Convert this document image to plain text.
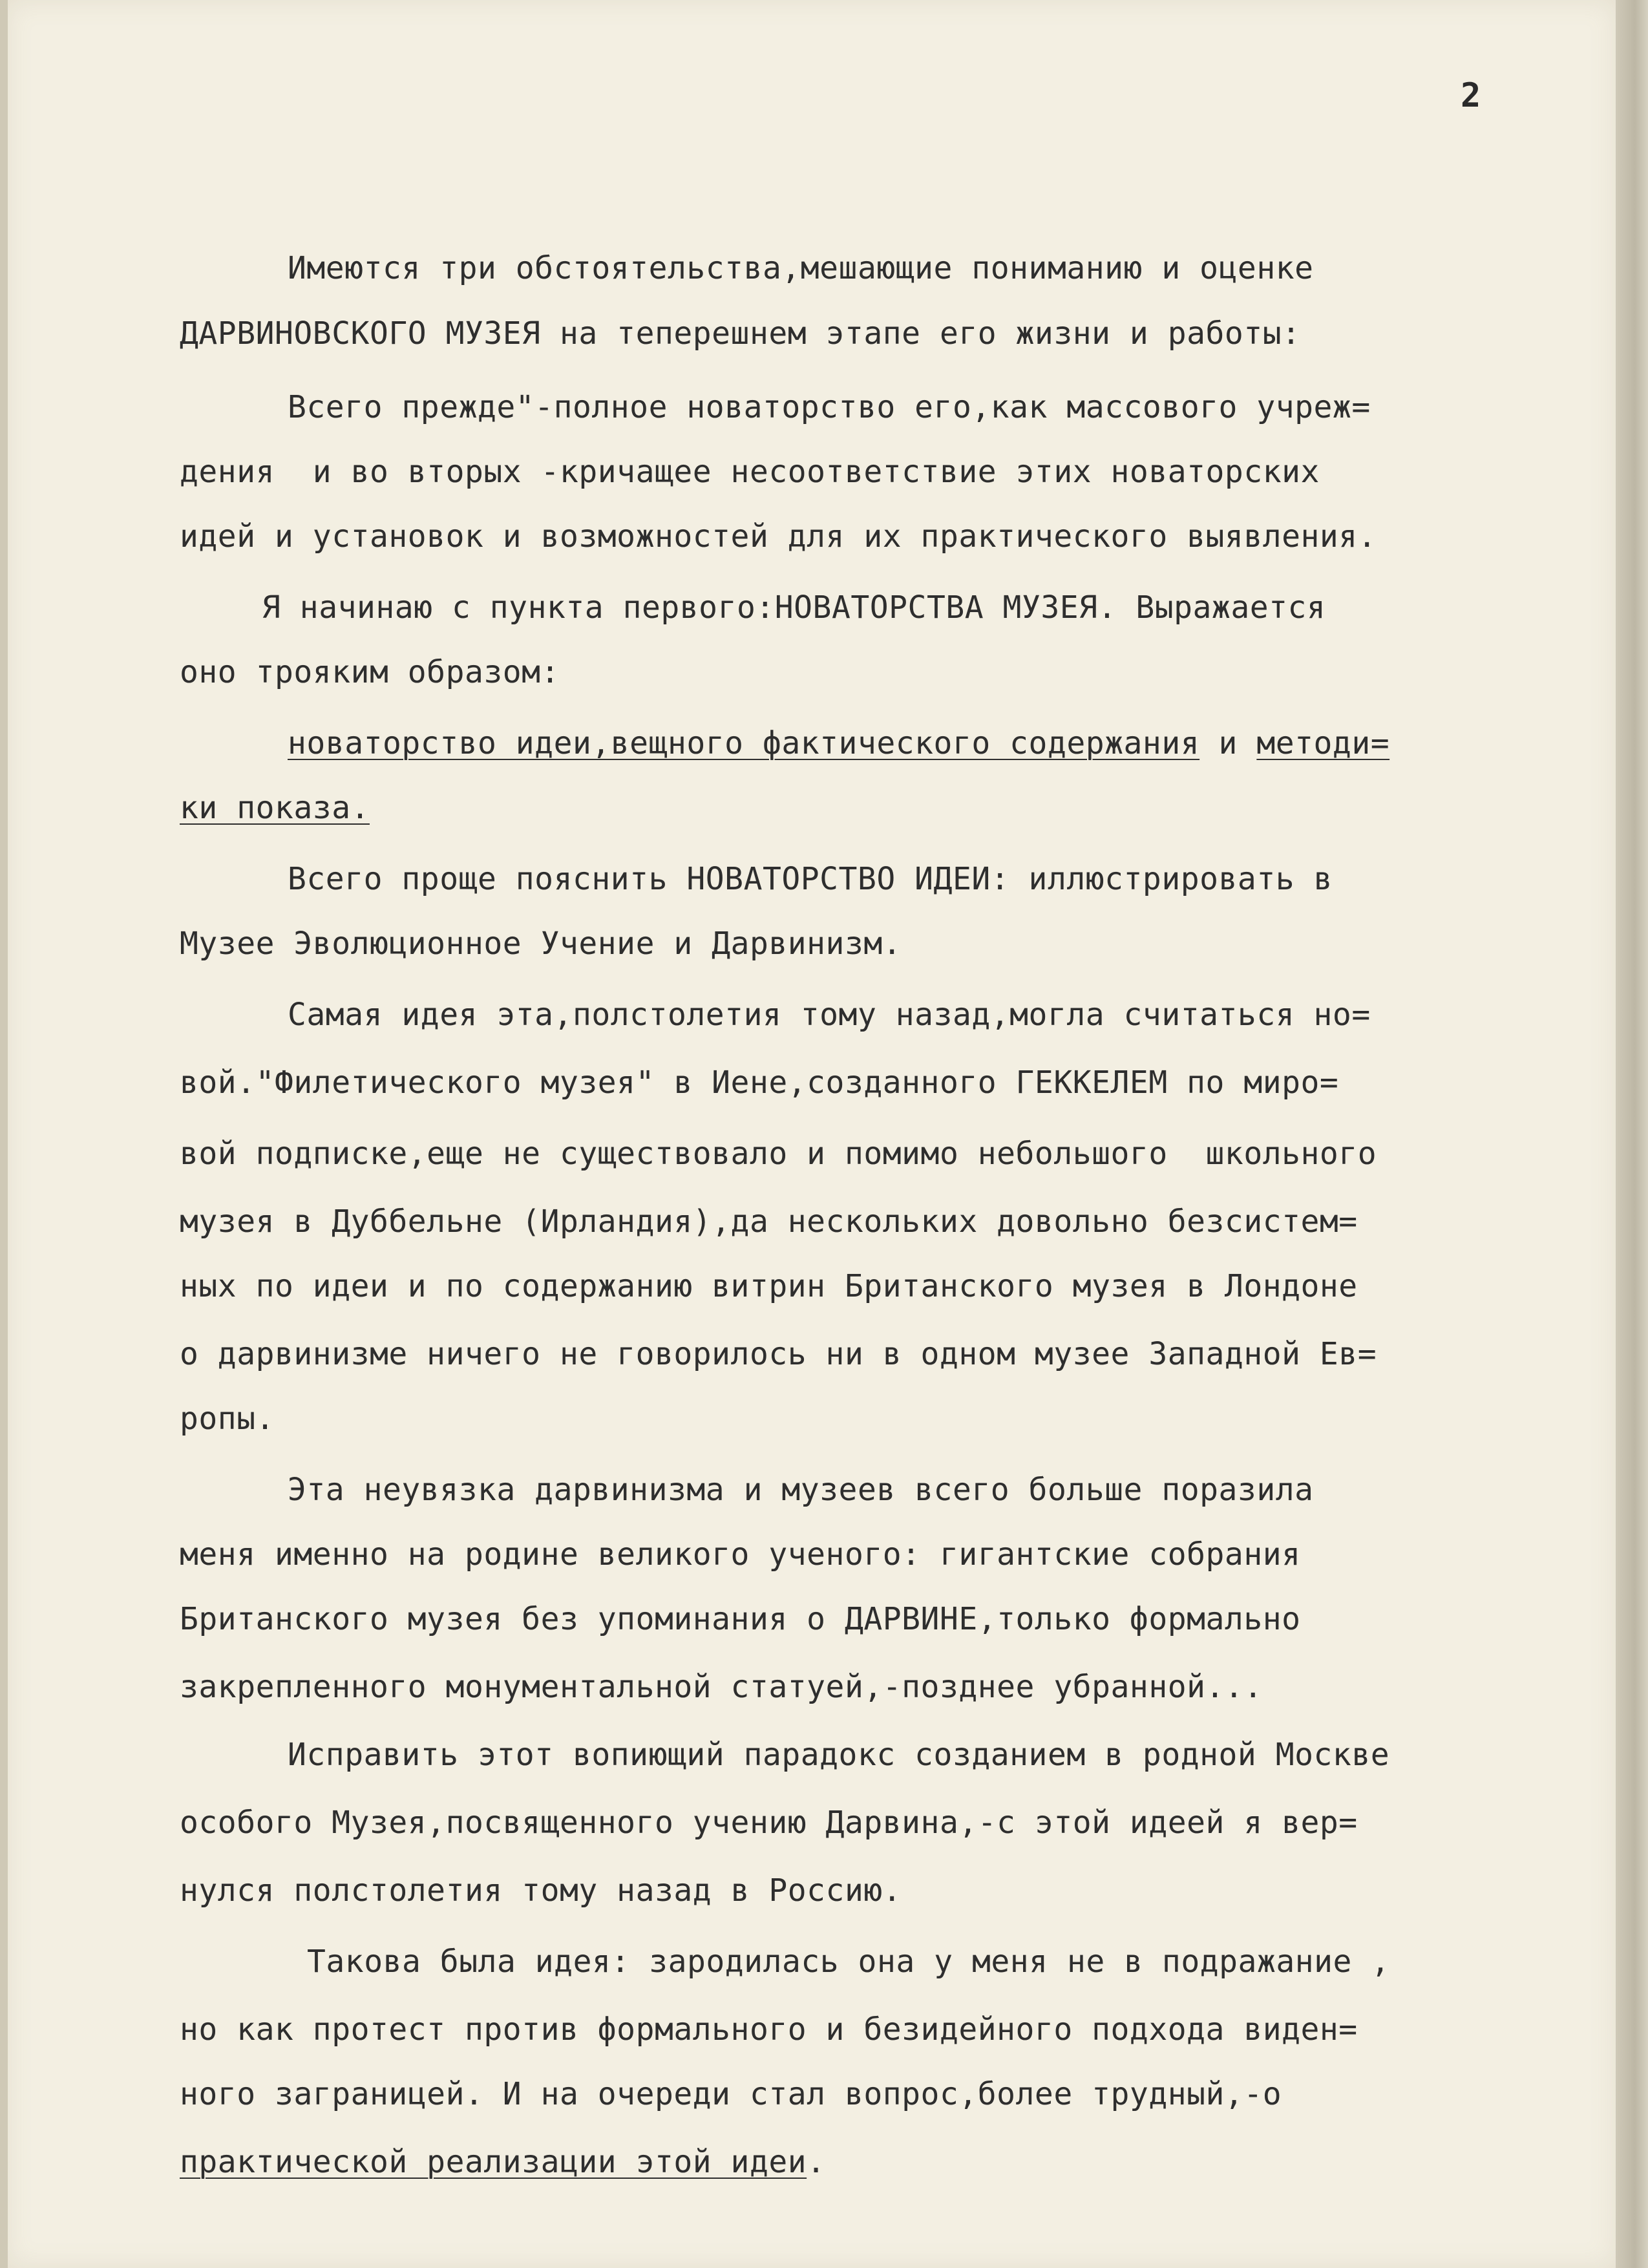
2
Имеются три обстоятельства,мешающие пониманию и оценке
ДАРВИНОВСКОГО МУЗЕЯ на теперешнем этапе его жизни и работы:
Всего прежде"-полное новаторство его,как массового учреж=
дения  и во вторых -кричащее несоответствие этих новаторских
идей и установок и возможностей для их практического выявления.
Я начинаю с пункта первого:НОВАТОРСТВА МУЗЕЯ. Выражается
оно трояким образом:
новаторство идеи,вещного фактического содержания и методи=
ки показа.
Всего проще пояснить НОВАТОРСТВО ИДЕИ: иллюстрировать в
Музее Эволюционное Учение и Дарвинизм.
Самая идея эта,полстолетия тому назад,могла считаться но=
вой."Филетического музея" в Иене,созданного ГЕККЕЛЕМ по миро=
вой подписке,еще не существовало и помимо небольшого  школьного
музея в Дуббельне (Ирландия),да нескольких довольно безсистем=
ных по идеи и по содержанию витрин Британского музея в Лондоне
о дарвинизме ничего не говорилось ни в одном музее Западной Ев=
ропы.
Эта неувязка дарвинизма и музеев всего больше поразила
меня именно на родине великого ученого: гигантские собрания
Британского музея без упоминания о ДАРВИНЕ,только формально
закрепленного монументальной статуей,-позднее убранной...
Исправить этот вопиющий парадокс созданием в родной Москве
особого Музея,посвященного учению Дарвина,-с этой идеей я вер=
нулся полстолетия тому назад в Россию.
Такова была идея: зародилась она у меня не в подражание ,
но как протест против формального и безидейного подхода виден=
ного заграницей. И на очереди стал вопрос,более трудный,-о
практической реализации этой идеи.
